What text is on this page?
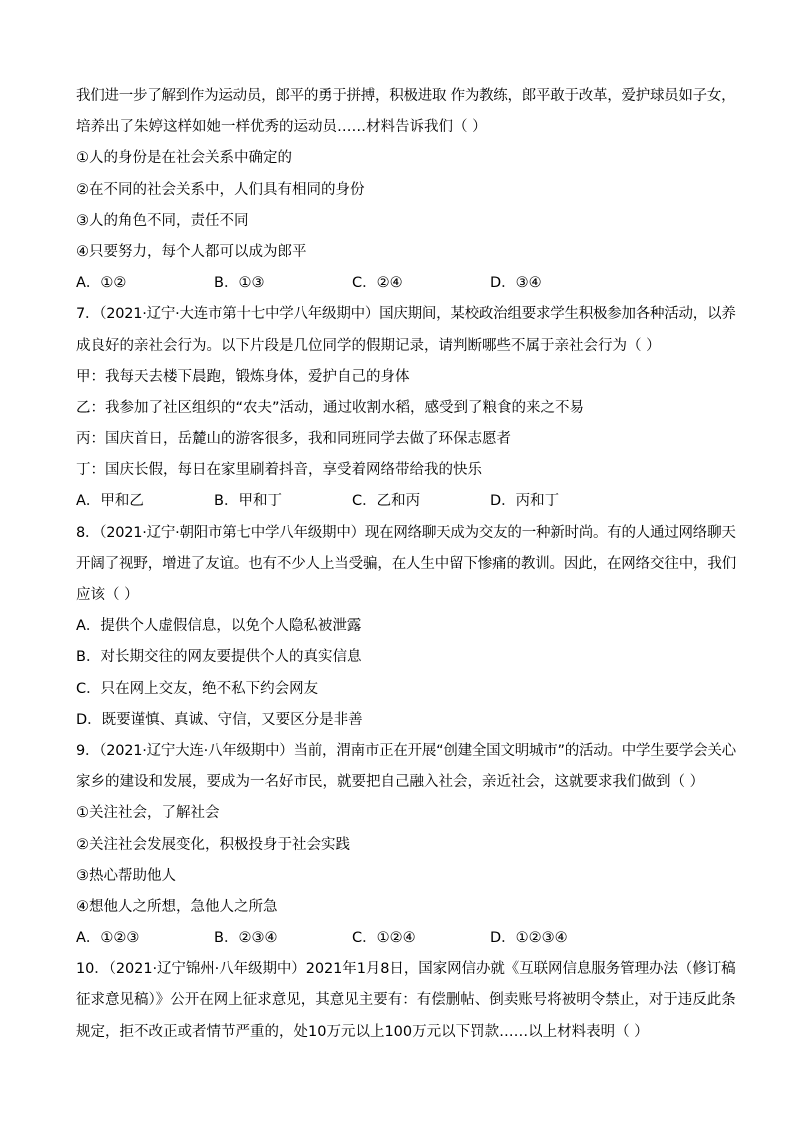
我们进一步了解到作为运动员，郎平的勇于拼搏，积极进取 作为教练，郎平敢于改革，爱护球员如子女，
培养出了朱婷这样如她一样优秀的运动员……材料告诉我们（ ）
①人的身份是在社会关系中确定的
②在不同的社会关系中，人们具有相同的身份
③人的角色不同，责任不同
④只要努力，每个人都可以成为郎平
A．①②	B．①③	C．②④	D．③④
7．（2021·辽宁·大连市第十七中学八年级期中）国庆期间，某校政治组要求学生积极参加各种活动，以养
成良好的亲社会行为。以下片段是几位同学的假期记录，请判断哪些不属于亲社会行为（ ）
甲：我每天去楼下晨跑，锻炼身体，爱护自己的身体
乙：我参加了社区组织的“农夫”活动，通过收割水稻，感受到了粮食的来之不易
丙：国庆首日，岳麓山的游客很多，我和同班同学去做了环保志愿者
丁：国庆长假，每日在家里刷着抖音，享受着网络带给我的快乐
A．甲和乙	B．甲和丁	C．乙和丙	D．丙和丁
8．（2021·辽宁·朝阳市第七中学八年级期中）现在网络聊天成为交友的一种新时尚。有的人通过网络聊天
开阔了视野，增进了友谊。也有不少人上当受骗，在人生中留下惨痛的教训。因此，在网络交往中，我们
应该（ ）
A．提供个人虚假信息，以免个人隐私被泄露
B．对长期交往的网友要提供个人的真实信息
C．只在网上交友，绝不私下约会网友
D．既要谨慎、真诚、守信，又要区分是非善
9．（2021·辽宁大连·八年级期中）当前，渭南市正在开展“创建全国文明城市”的活动。中学生要学会关心
家乡的建设和发展，要成为一名好市民，就要把自己融入社会，亲近社会，这就要求我们做到（ ）
①关注社会，了解社会
②关注社会发展变化，积极投身于社会实践
③热心帮助他人
④想他人之所想，急他人之所急
A．①②③	B．②③④	C．①②④	D．①②③④
10．（2021·辽宁锦州·八年级期中）2021年1月8日，国家网信办就《互联网信息服务管理办法（修订稿
征求意见稿）》公开在网上征求意见，其意见主要有：有偿删帖、倒卖账号将被明令禁止，对于违反此条
规定，拒不改正或者情节严重的，处10万元以上100万元以下罚款……以上材料表明（ ）
